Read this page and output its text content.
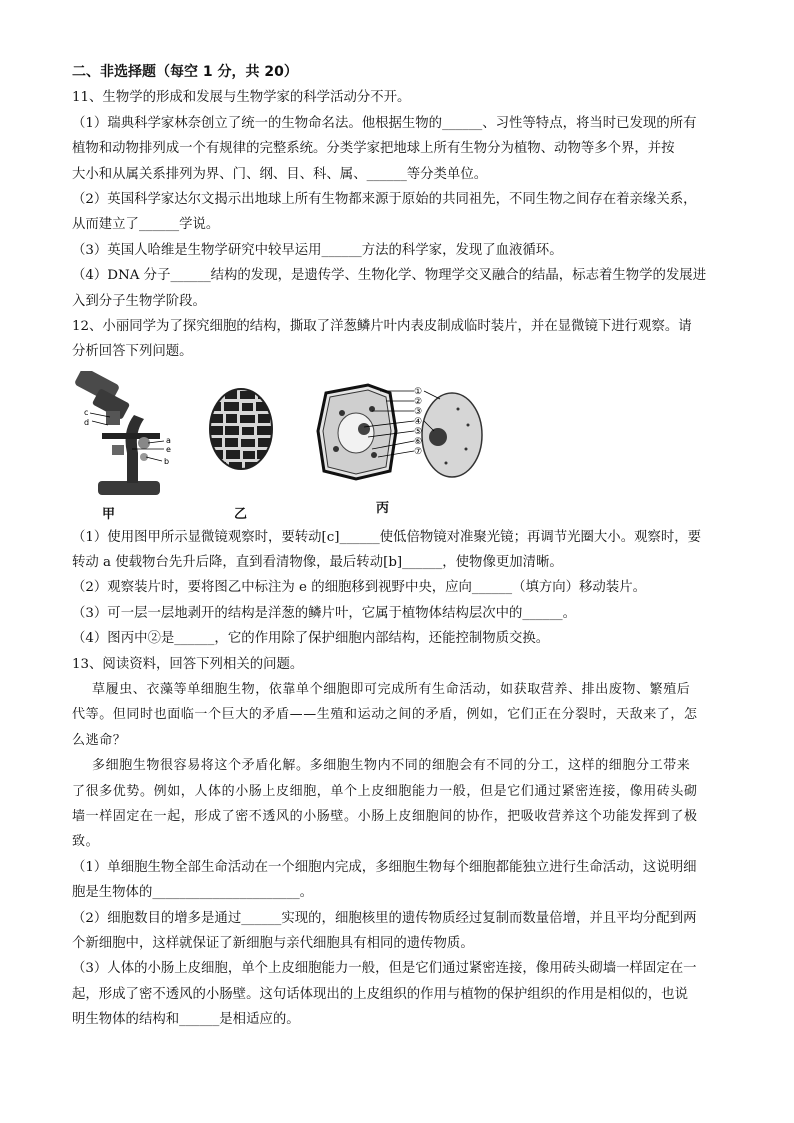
二、非选择题（每空 1 分，共 20）
11、生物学的形成和发展与生物学家的科学活动分不开。
（1）瑞典科学家林奈创立了统一的生物命名法。他根据生物的______、习性等特点，将当时已发现的所有
植物和动物排列成一个有规律的完整系统。分类学家把地球上所有生物分为植物、动物等多个界，并按
大小和从属关系排列为界、门、纲、目、科、属、______等分类单位。
（2）英国科学家达尔文揭示出地球上所有生物都来源于原始的共同祖先，不同生物之间存在着亲缘关系，
从而建立了______学说。
（3）英国人哈维是生物学研究中较早运用______方法的科学家，发现了血液循环。
（4）DNA 分子______结构的发现，是遗传学、生物化学、物理学交叉融合的结晶，标志着生物学的发展进
入到分子生物学阶段。
12、小丽同学为了探究细胞的结构，撕取了洋葱鳞片叶内表皮制成临时装片，并在显微镜下进行观察。请
分析回答下列问题。
c
d
a
e
b
甲	乙
①
②
③
④
⑤
⑥
⑦
丙
（1）使用图甲所示显微镜观察时，要转动[c]______使低倍物镜对准聚光镜；再调节光圈大小。观察时，要
转动 a 使载物台先升后降，直到看清物像，最后转动[b]______，使物像更加清晰。
（2）观察装片时，要将图乙中标注为 e 的细胞移到视野中央，应向______（填方向）移动装片。
（3）可一层一层地剥开的结构是洋葱的鳞片叶，它属于植物体结构层次中的______。
（4）图丙中②是______，它的作用除了保护细胞内部结构，还能控制物质交换。
13、阅读资料，回答下列相关的问题。
草履虫、衣藻等单细胞生物，依靠单个细胞即可完成所有生命活动，如获取营养、排出废物、繁殖后
代等。但同时也面临一个巨大的矛盾——生殖和运动之间的矛盾，例如，它们正在分裂时，天敌来了，怎
么逃命？
多细胞生物很容易将这个矛盾化解。多细胞生物内不同的细胞会有不同的分工，这样的细胞分工带来
了很多优势。例如，人体的小肠上皮细胞，单个上皮细胞能力一般，但是它们通过紧密连接，像用砖头砌
墙一样固定在一起，形成了密不透风的小肠壁。小肠上皮细胞间的协作，把吸收营养这个功能发挥到了极
致。
（1）单细胞生物全部生命活动在一个细胞内完成，多细胞生物每个细胞都能独立进行生命活动，这说明细
胞是生物体的______________________。
（2）细胞数目的增多是通过______实现的，细胞核里的遗传物质经过复制而数量倍增，并且平均分配到两
个新细胞中，这样就保证了新细胞与亲代细胞具有相同的遗传物质。
（3）人体的小肠上皮细胞，单个上皮细胞能力一般，但是它们通过紧密连接，像用砖头砌墙一样固定在一
起，形成了密不透风的小肠壁。这句话体现出的上皮组织的作用与植物的保护组织的作用是相似的，也说
明生物体的结构和______是相适应的。
